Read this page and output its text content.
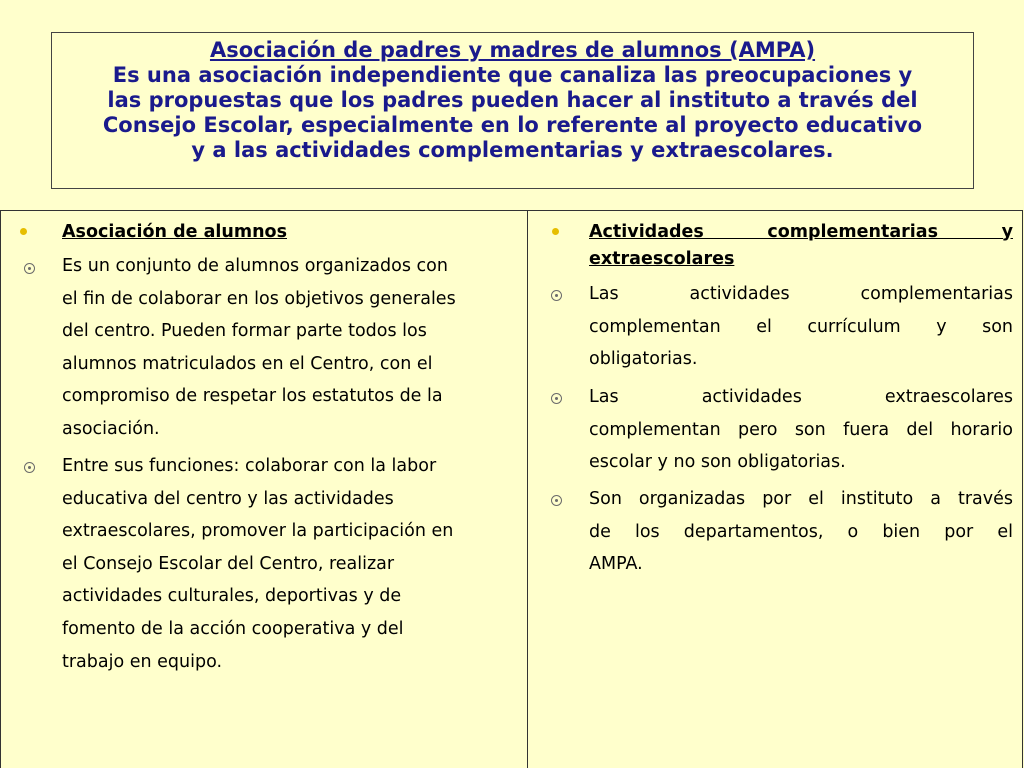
Asociación de padres y madres de alumnos (AMPA)
Es una asociación independiente que canaliza las preocupaciones y
las propuestas que los padres pueden hacer al instituto a través del
Consejo Escolar, especialmente en lo referente al proyecto educativo
y a las actividades complementarias y extraescolares.
Asociación de alumnos
Es un conjunto de alumnos organizados con
el fin de colaborar en los objetivos generales
del centro. Pueden formar parte todos los
alumnos matriculados en el Centro, con el
compromiso de respetar los estatutos de la
asociación.
Entre sus funciones: colaborar con la labor
educativa del centro y las actividades
extraescolares, promover la participación en
el Consejo Escolar del Centro, realizar
actividades culturales, deportivas y de
fomento de la acción cooperativa y del
trabajo en equipo.
Actividades complementarias y
extraescolares
Las actividades complementarias
complementan el currículum y son
obligatorias.
Las actividades extraescolares
complementan pero son fuera del horario
escolar y no son obligatorias.
Son organizadas por el instituto a través
de los departamentos, o bien por el
AMPA.
